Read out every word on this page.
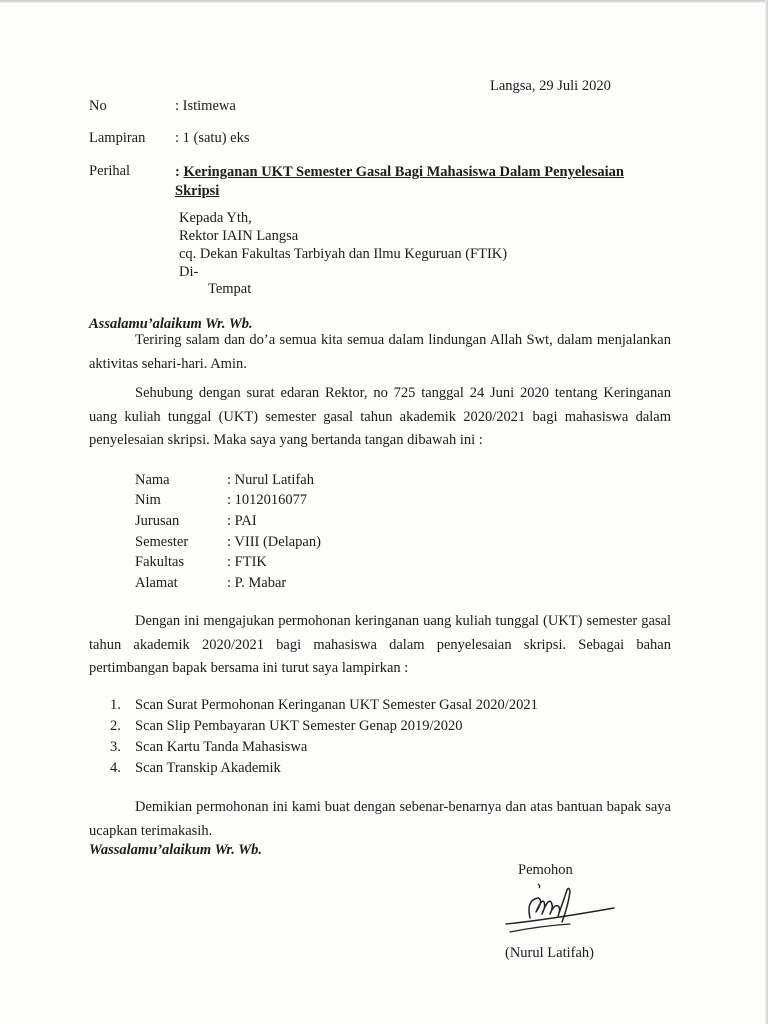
Langsa, 29 Juli 2020
No	: Istimewa
Lampiran : 1 (satu) eks
Perihal	: Keringanan UKT Semester Gasal Bagi Mahasiswa Dalam Penyelesaian Skripsi
Kepada Yth,
Rektor IAIN Langsa
cq. Dekan Fakultas Tarbiyah dan Ilmu Keguruan (FTIK)
Di-
Tempat
Assalamu’alaikum Wr. Wb.
Teriring salam dan do’a semua kita semua dalam lindungan Allah Swt, dalam menjalankan aktivitas sehari-hari. Amin.
Sehubung dengan surat edaran Rektor, no 725 tanggal 24 Juni 2020 tentang Keringanan uang kuliah tunggal (UKT) semester gasal tahun akademik 2020/2021 bagi mahasiswa dalam penyelesaian skripsi. Maka saya yang bertanda tangan dibawah ini :
Nama	: Nurul Latifah
Nim	: 1012016077
Jurusan	: PAI
Semester	: VIII (Delapan)
Fakultas	: FTIK
Alamat	: P. Mabar
Dengan ini mengajukan permohonan keringanan uang kuliah tunggal (UKT) semester gasal tahun akademik 2020/2021 bagi mahasiswa dalam penyelesaian skripsi. Sebagai bahan pertimbangan bapak bersama ini turut saya lampirkan :
1. Scan Surat Permohonan Keringanan UKT Semester Gasal 2020/2021
2. Scan Slip Pembayaran UKT Semester Genap 2019/2020
3. Scan Kartu Tanda Mahasiswa
4. Scan Transkip Akademik
Demikian permohonan ini kami buat dengan sebenar-benarnya dan atas bantuan bapak saya ucapkan terimakasih.
Wassalamu’alaikum Wr. Wb.
Pemohon
(Nurul Latifah)
